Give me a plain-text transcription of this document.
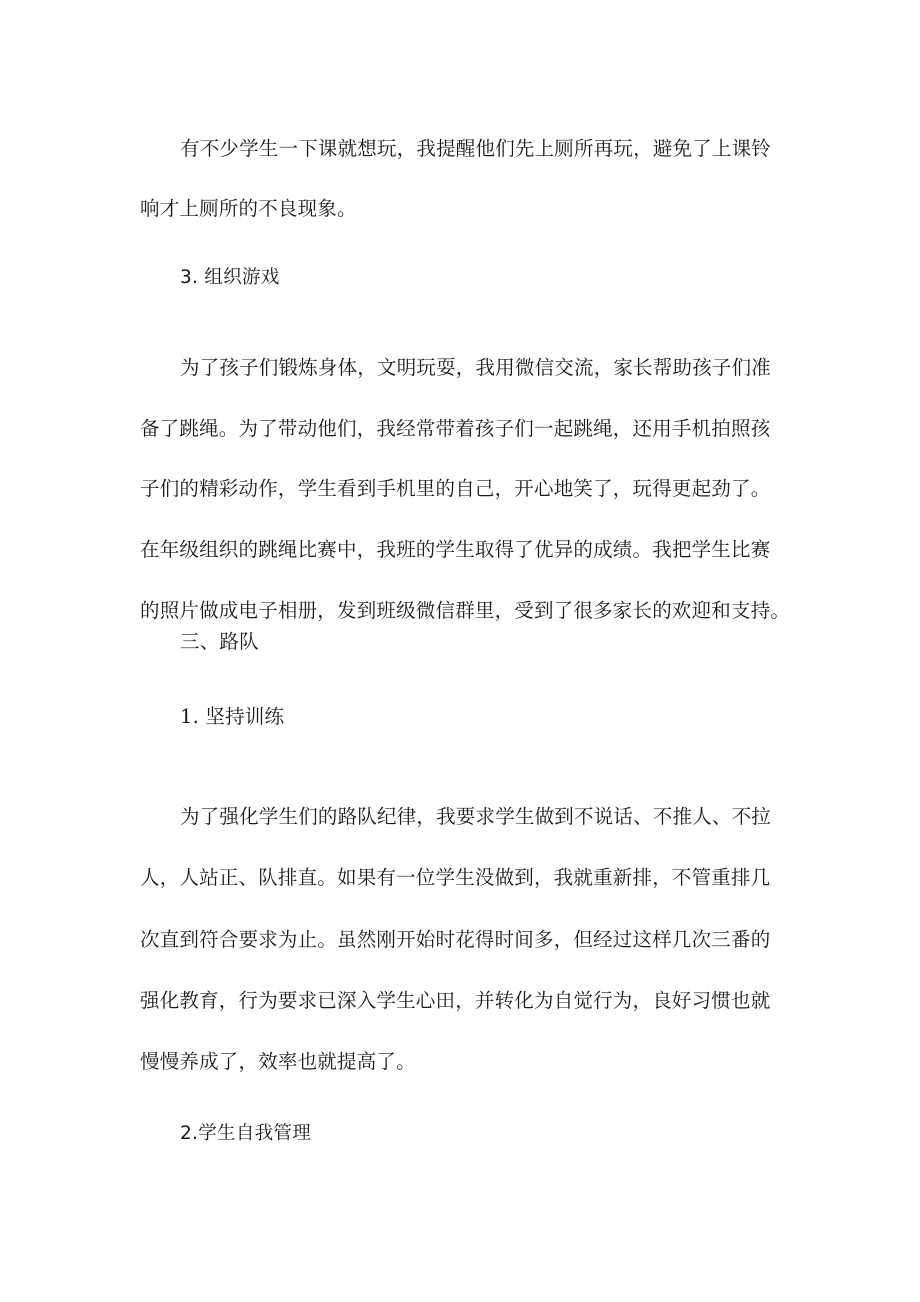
有不少学生一下课就想玩，我提醒他们先上厕所再玩，避免了上课铃
响才上厕所的不良现象。
3. 组织游戏
为了孩子们锻炼身体，文明玩耍，我用微信交流，家长帮助孩子们准
备了跳绳。为了带动他们，我经常带着孩子们一起跳绳，还用手机拍照孩
子们的精彩动作，学生看到手机里的自己，开心地笑了，玩得更起劲了。
在年级组织的跳绳比赛中，我班的学生取得了优异的成绩。我把学生比赛
的照片做成电子相册，发到班级微信群里，受到了很多家长的欢迎和支持。
三、路队
1. 坚持训练
为了强化学生们的路队纪律，我要求学生做到不说话、不推人、不拉
人，人站正、队排直。如果有一位学生没做到，我就重新排，不管重排几
次直到符合要求为止。虽然刚开始时花得时间多，但经过这样几次三番的
强化教育，行为要求已深入学生心田，并转化为自觉行为，良好习惯也就
慢慢养成了，效率也就提高了。
2.学生自我管理
